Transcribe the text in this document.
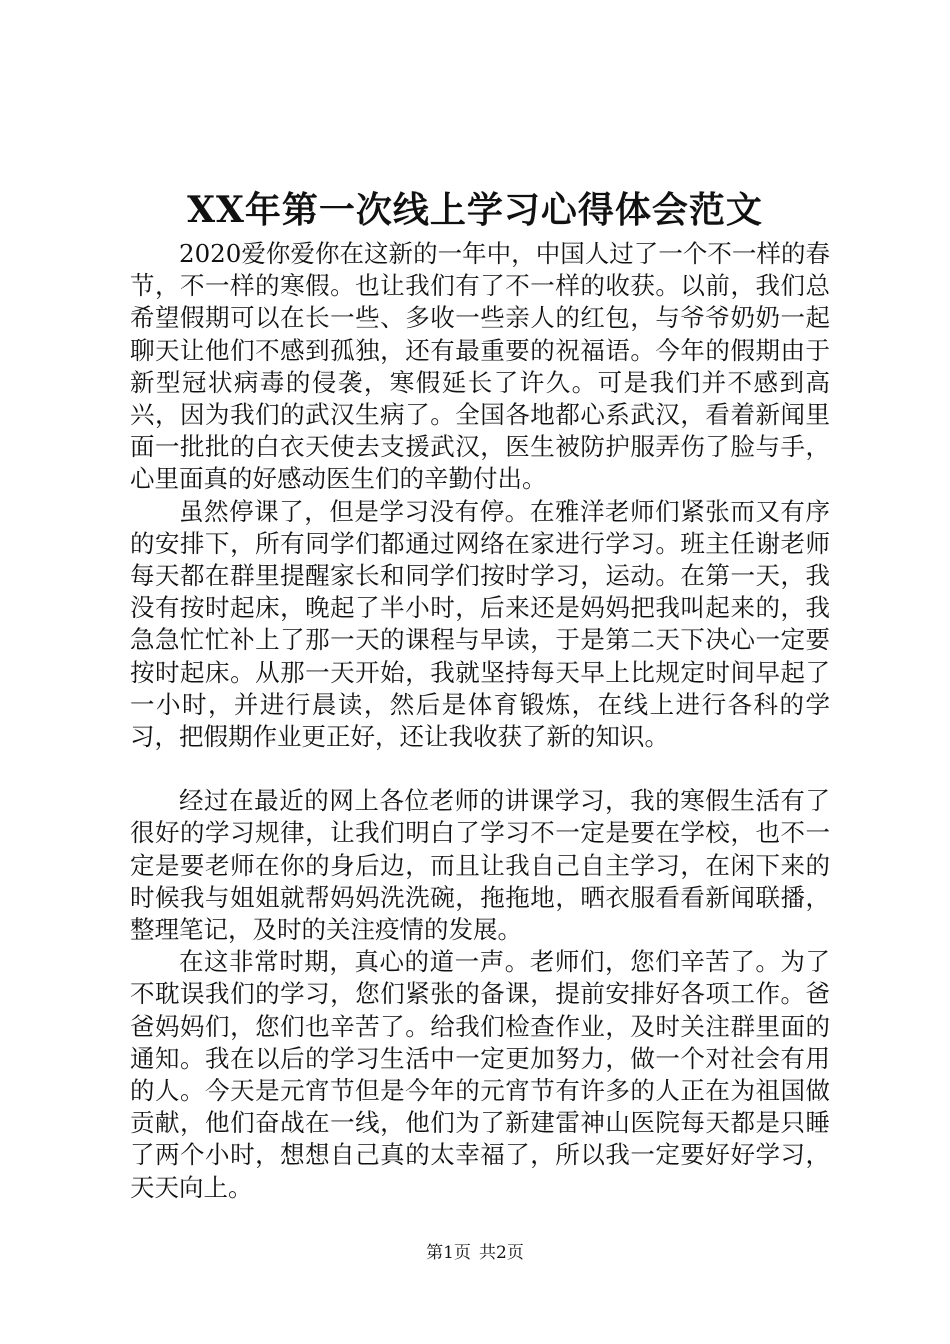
XX年第一次线上学习心得体会范文

2020爱你爱你在这新的一年中，中国人过了一个不一样的春节，不一样的寒假。也让我们有了不一样的收获。以前，我们总希望假期可以在长一些、多收一些亲人的红包，与爷爷奶奶一起聊天让他们不感到孤独，还有最重要的祝福语。今年的假期由于新型冠状病毒的侵袭，寒假延长了许久。可是我们并不感到高兴，因为我们的武汉生病了。全国各地都心系武汉，看着新闻里面一批批的白衣天使去支援武汉，医生被防护服弄伤了脸与手，心里面真的好感动医生们的辛勤付出。

虽然停课了，但是学习没有停。在雅洋老师们紧张而又有序的安排下，所有同学们都通过网络在家进行学习。班主任谢老师每天都在群里提醒家长和同学们按时学习，运动。在第一天，我没有按时起床，晚起了半小时，后来还是妈妈把我叫起来的，我急急忙忙补上了那一天的课程与早读，于是第二天下决心一定要按时起床。从那一天开始，我就坚持每天早上比规定时间早起了一小时，并进行晨读，然后是体育锻炼，在线上进行各科的学习，把假期作业更正好，还让我收获了新的知识。

经过在最近的网上各位老师的讲课学习，我的寒假生活有了很好的学习规律，让我们明白了学习不一定是要在学校，也不一定是要老师在你的身后边，而且让我自己自主学习，在闲下来的时候我与姐姐就帮妈妈洗洗碗，拖拖地，晒衣服看看新闻联播，整理笔记，及时的关注疫情的发展。

在这非常时期，真心的道一声。老师们，您们辛苦了。为了不耽误我们的学习，您们紧张的备课，提前安排好各项工作。爸爸妈妈们，您们也辛苦了。给我们检查作业，及时关注群里面的通知。我在以后的学习生活中一定更加努力，做一个对社会有用的人。今天是元宵节但是今年的元宵节有许多的人正在为祖国做贡献，他们奋战在一线，他们为了新建雷神山医院每天都是只睡了两个小时，想想自己真的太幸福了，所以我一定要好好学习，天天向上。

第1页 共2页
